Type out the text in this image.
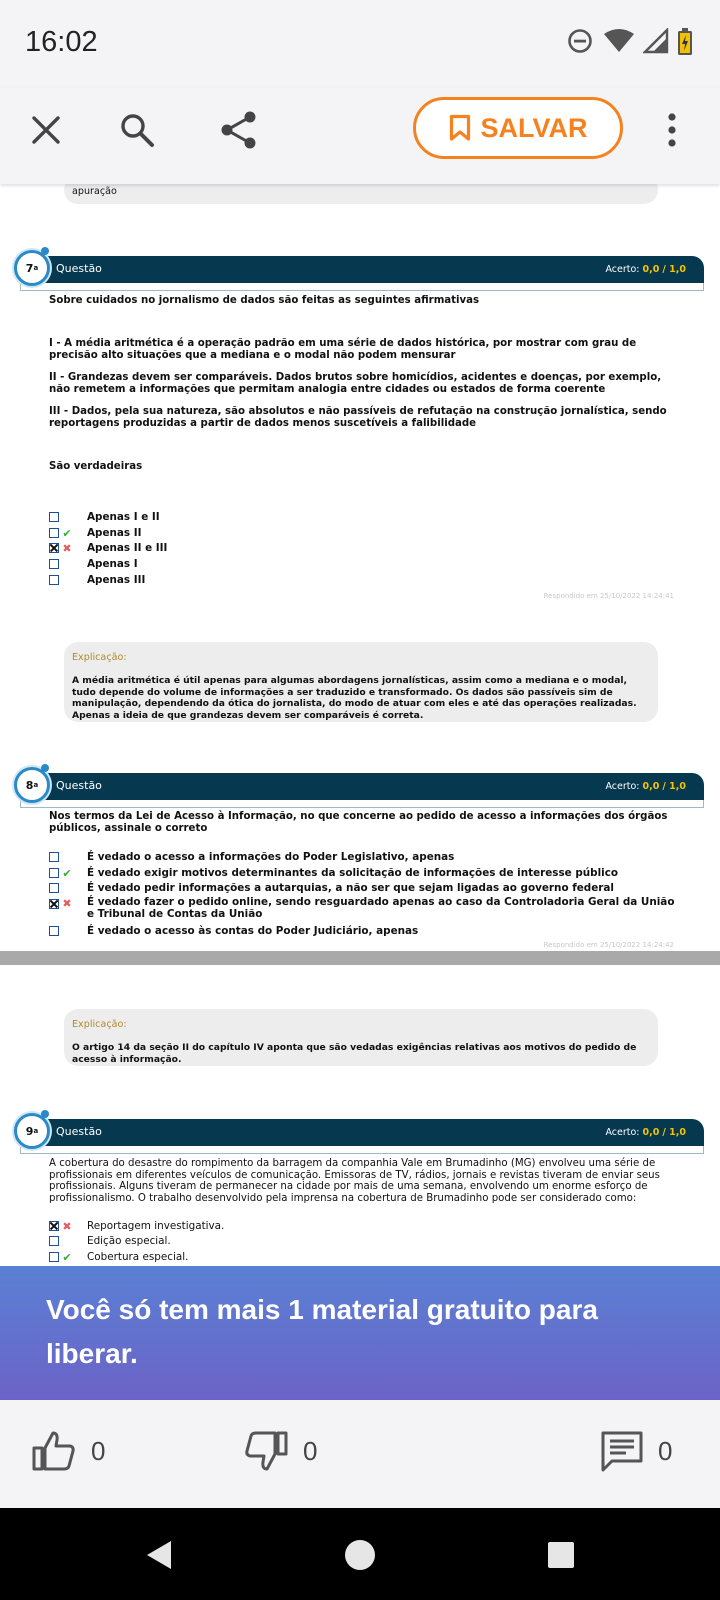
16:02
SALVAR
apuração
Questão	Acerto: 0,0 / 1,0
7 a
Sobre cuidados no jornalismo de dados são feitas as seguintes afirmativas
I - A média aritmética é a operação padrão em uma série de dados histórica, por mostrar com grau de precisão alto situações que a mediana e o modal não podem mensurar
II - Grandezas devem ser comparáveis. Dados brutos sobre homicídios, acidentes e doenças, por exemplo, não remetem a informações que permitam analogia entre cidades ou estados de forma coerente
III - Dados, pela sua natureza, são absolutos e não passíveis de refutação na construção jornalística, sendo reportagens produzidas a partir de dados menos suscetíveis a falibilidade
São verdadeiras
Apenas I e II
✔ Apenas II
✖ Apenas II e III
Apenas I
Apenas III
Respondido em 25/10/2022 14:24:41
Explicação:
A média aritmética é útil apenas para algumas abordagens jornalísticas, assim como a mediana e o modal, tudo depende do volume de informações a ser traduzido e transformado. Os dados são passíveis sim de manipulação, dependendo da ótica do jornalista, do modo de atuar com eles e até das operações realizadas. Apenas a ideia de que grandezas devem ser comparáveis é correta.
Questão	Acerto: 0,0 / 1,0
8 a
Nos termos da Lei de Acesso à Informação, no que concerne ao pedido de acesso a informações dos órgãos públicos, assinale o correto
É vedado o acesso a informações do Poder Legislativo, apenas
✔ É vedado exigir motivos determinantes da solicitação de informações de interesse público
É vedado pedir informações a autarquias, a não ser que sejam ligadas ao governo federal
✖ É vedado fazer o pedido online, sendo resguardado apenas ao caso da Controladoria Geral da União e Tribunal de Contas da União
É vedado o acesso às contas do Poder Judiciário, apenas
Respondido em 25/10/2022 14:24:42
Explicação:
O artigo 14 da seção II do capítulo IV aponta que são vedadas exigências relativas aos motivos do pedido de acesso à informação.
Questão	Acerto: 0,0 / 1,0
9 a
A cobertura do desastre do rompimento da barragem da companhia Vale em Brumadinho (MG) envolveu uma série de profissionais em diferentes veículos de comunicação. Emissoras de TV, rádios, jornais e revistas tiveram de enviar seus profissionais. Alguns tiveram de permanecer na cidade por mais de uma semana, envolvendo um enorme esforço de profissionalismo. O trabalho desenvolvido pela imprensa na cobertura de Brumadinho pode ser considerado como:
✖ Reportagem investigativa.
Edição especial.
✔ Cobertura especial.
Você só tem mais 1 material gratuito para liberar.
0	0	0
